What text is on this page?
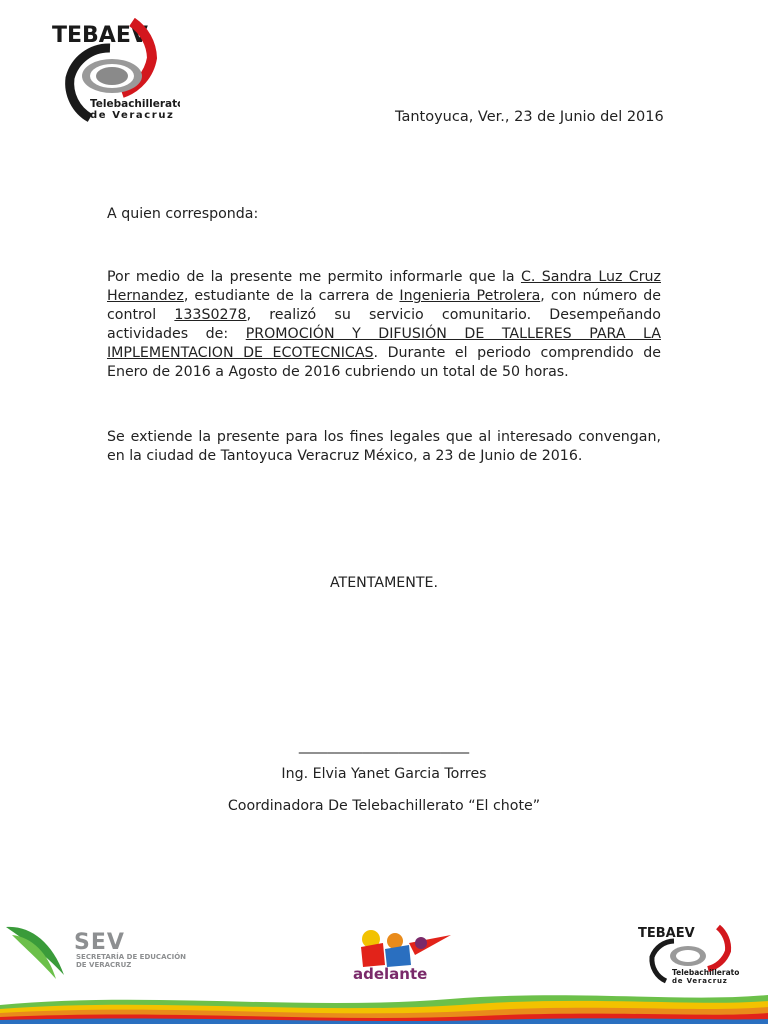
TEBAEV
Telebachillerato
de Veracruz	Tantoyuca, Ver., 23 de Junio del 2016
A quien corresponda:
Por medio de la presente me permito informarle que la C. Sandra Luz Cruz Hernandez, estudiante de la carrera de Ingenieria Petrolera, con número de control 133S0278, realizó su servicio comunitario. Desempeñando actividades de: PROMOCIÓN Y DIFUSIÓN DE TALLERES PARA LA IMPLEMENTACION DE ECOTECNICAS. Durante el periodo comprendido de Enero de 2016 a Agosto de 2016 cubriendo un total de 50 horas.
Se extiende la presente para los fines legales que al interesado convengan, en la ciudad de Tantoyuca Veracruz México, a 23 de Junio de 2016.
ATENTAMENTE.
________________________
Ing. Elvia Yanet Garcia Torres
Coordinadora De Telebachillerato “El chote”
TEBAEV
Telebachillerato
de Veracruz
SEV
SECRETARÍA DE EDUCACIÓN
DE VERACRUZ	adelante
